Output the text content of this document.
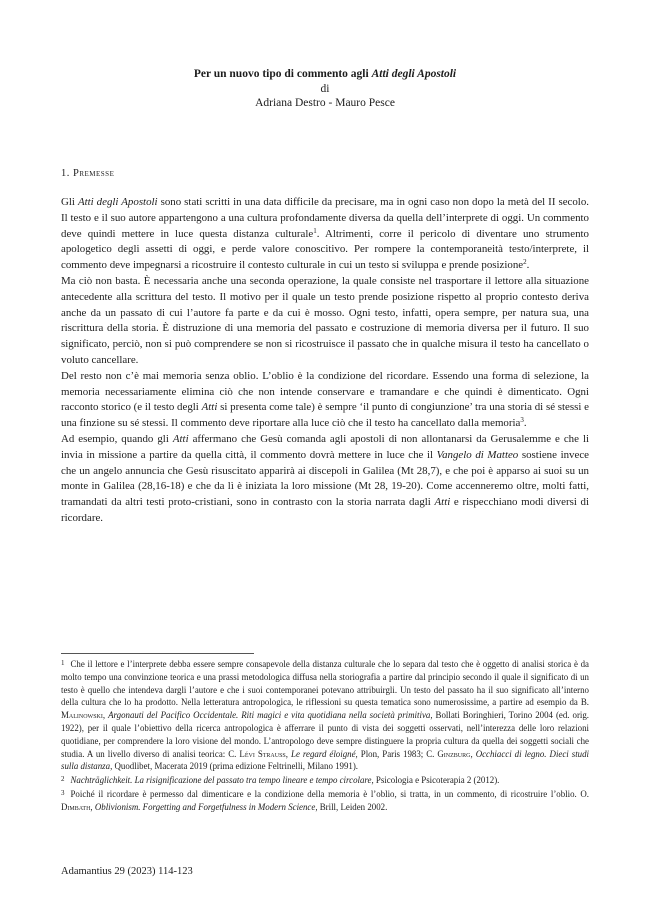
Per un nuovo tipo di commento agli Atti degli Apostoli
di
Adriana Destro - Mauro Pesce
1. Premesse

Gli Atti degli Apostoli sono stati scritti in una data difficile da precisare, ma in ogni caso non dopo la metà del II secolo. Il testo e il suo autore appartengono a una cultura profondamente diversa da quella dell’interprete di oggi. Un commento deve quindi mettere in luce questa distanza culturale$^1$. Altrimenti, corre il pericolo di diventare uno strumento apologetico degli assetti di oggi, e perde valore conoscitivo. Per rompere la contemporaneità testo/interprete, il commento deve impegnarsi a ricostruire il contesto culturale in cui un testo si sviluppa e prende posizione$^2$.

Ma ciò non basta. È necessaria anche una seconda operazione, la quale consiste nel trasportare il lettore alla situazione antecedente alla scrittura del testo. Il motivo per il quale un testo prende posizione rispetto al proprio contesto deriva anche da un passato di cui l’autore fa parte e da cui è mosso. Ogni testo, infatti, opera sempre, per natura sua, una riscrittura della storia. È distruzione di una memoria del passato e costruzione di memoria diversa per il futuro. Il suo significato, perciò, non si può comprendere se non si ricostruisce il passato che in qualche misura il testo ha cancellato o voluto cancellare.

Del resto non c’è mai memoria senza oblio. L’oblio è la condizione del ricordare. Essendo una forma di selezione, la memoria necessariamente elimina ciò che non intende conservare e tramandare e che quindi è dimenticato. Ogni racconto storico (e il testo degli Atti si presenta come tale) è sempre ‘il punto di congiunzione’ tra una storia di sé stessi e una finzione su sé stessi. Il commento deve riportare alla luce ciò che il testo ha cancellato dalla memoria$^3$.

Ad esempio, quando gli Atti affermano che Gesù comanda agli apostoli di non allontanarsi da Gerusalemme e che li invia in missione a partire da quella città, il commento dovrà mettere in luce che il Vangelo di Matteo sostiene invece che un angelo annuncia che Gesù risuscitato apparirà ai discepoli in Galilea (Mt 28,7), e che poi è apparso ai suoi su un monte in Galilea (28,16-18) e che da lì è iniziata la loro missione (Mt 28, 19-20). Come accenneremo oltre, molti fatti, tramandati da altri testi proto-cristiani, sono in contrasto con la storia narrata dagli Atti e rispecchiano modi diversi di ricordare.

$^1$ Che il lettore e l’interprete debba essere sempre consapevole della distanza culturale che lo separa dal testo che è oggetto di analisi storica è da molto tempo una convinzione teorica e una prassi metodologica diffusa nella storiografia a partire dal principio secondo il quale il significato di un testo è quello che intendeva dargli l’autore e che i suoi contemporanei potevano attribuirgli. Un testo del passato ha il suo significato all’interno della cultura che lo ha prodotto. Nella letteratura antropologica, le riflessioni su questa tematica sono numerosissime, a partire ad esempio da B. Malinowski, Argonauti del Pacifico Occidentale. Riti magici e vita quotidiana nella società primitiva, Bollati Boringhieri, Torino 2004 (ed. orig. 1922), per il quale l’obiettivo della ricerca antropologica è afferrare il punto di vista dei soggetti osservati, nell’interezza delle loro relazioni quotidiane, per comprendere la loro visione del mondo. L’antropologo deve sempre distinguere la propria cultura da quella dei soggetti sociali che studia. A un livello diverso di analisi teorica: C. Lévi Strauss, Le regard éloigné, Plon, Paris 1983; C. Ginzburg, Occhiacci di legno. Dieci studi sulla distanza, Quodlibet, Macerata 2019 (prima edizione Feltrinelli, Milano 1991).

$^2$ Nachträglichkeit. La risignificazione del passato tra tempo lineare e tempo circolare, Psicologia e Psicoterapia 2 (2012).

$^3$ Poiché il ricordare è permesso dal dimenticare e la condizione della memoria è l’oblio, si tratta, in un commento, di ricostruire l’oblio. O. Dimbath, Oblivionism. Forgetting and Forgetfulness in Modern Science, Brill, Leiden 2002.

Adamantius 29 (2023) 114-123
